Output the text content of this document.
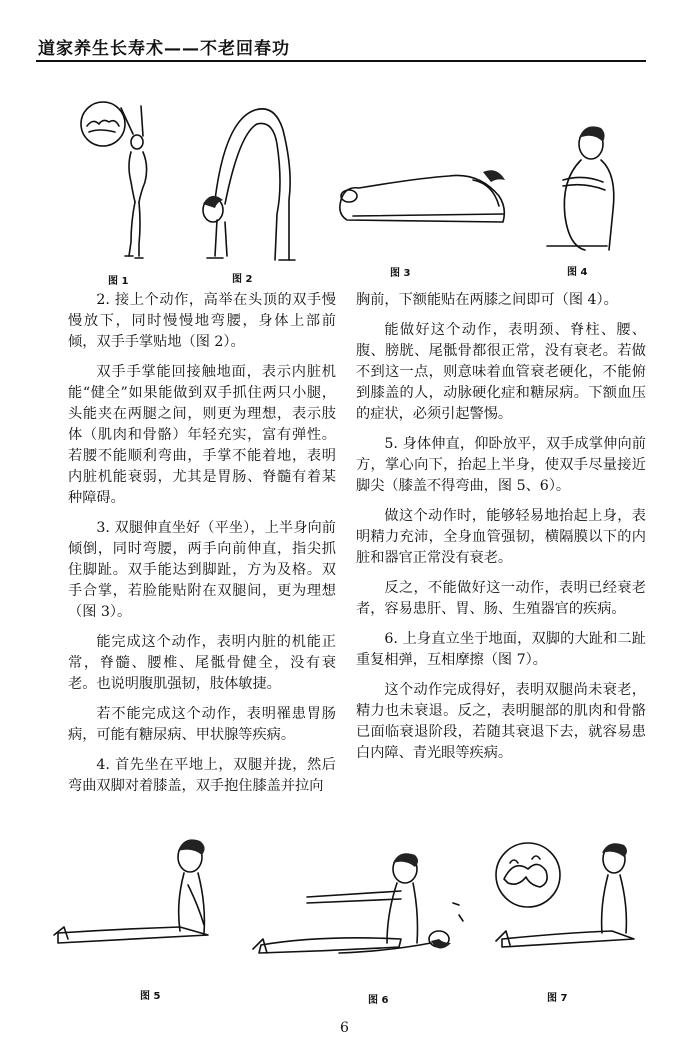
道家养生长寿术——不老回春功
图 1	图 2
图 3	图 4

2. 接上个动作，高举在头顶的双手慢慢放下，同时慢慢地弯腰，身体上部前倾，双手手掌贴地（图 2）。

双手手掌能回接触地面，表示内脏机能“健全”如果能做到双手抓住两只小腿，头能夹在两腿之间，则更为理想，表示肢体（肌肉和骨骼）年轻充实，富有弹性。若腰不能顺利弯曲，手掌不能着地，表明内脏机能衰弱，尤其是胃肠、脊髓有着某种障碍。

3. 双腿伸直坐好（平坐），上半身向前倾倒，同时弯腰，两手向前伸直，指尖抓住脚趾。双手能达到脚趾，方为及格。双手合掌，若脸能贴附在双腿间，更为理想（图 3）。

能完成这个动作，表明内脏的机能正常，脊髓、腰椎、尾骶骨健全，没有衰老。也说明腹肌强韧，肢体敏捷。

若不能完成这个动作，表明罹患胃肠病，可能有糖尿病、甲状腺等疾病。

4. 首先坐在平地上，双腿并拢，然后弯曲双脚对着膝盖，双手抱住膝盖并拉向

胸前，下额能贴在两膝之间即可（图 4）。

能做好这个动作，表明颈、脊柱、腰、腹、膀胱、尾骶骨都很正常，没有衰老。若做不到这一点，则意味着血管衰老硬化，不能俯到膝盖的人，动脉硬化症和糖尿病。下额血压的症状，必须引起警惕。

5. 身体伸直，仰卧放平，双手成掌伸向前方，掌心向下，抬起上半身，使双手尽量接近脚尖（膝盖不得弯曲，图 5、6）。

做这个动作时，能够轻易地抬起上身，表明精力充沛，全身血管强韧，横隔膜以下的内脏和器官正常没有衰老。

反之，不能做好这一动作，表明已经衰老者，容易患肝、胃、肠、生殖器官的疾病。

6. 上身直立坐于地面，双脚的大趾和二趾重复相弹，互相摩擦（图 7）。

这个动作完成得好，表明双腿尚未衰老，精力也未衰退。反之，表明腿部的肌肉和骨骼已面临衰退阶段，若随其衰退下去，就容易患白内障、青光眼等疾病。

图 5	图 6	图 7
6
